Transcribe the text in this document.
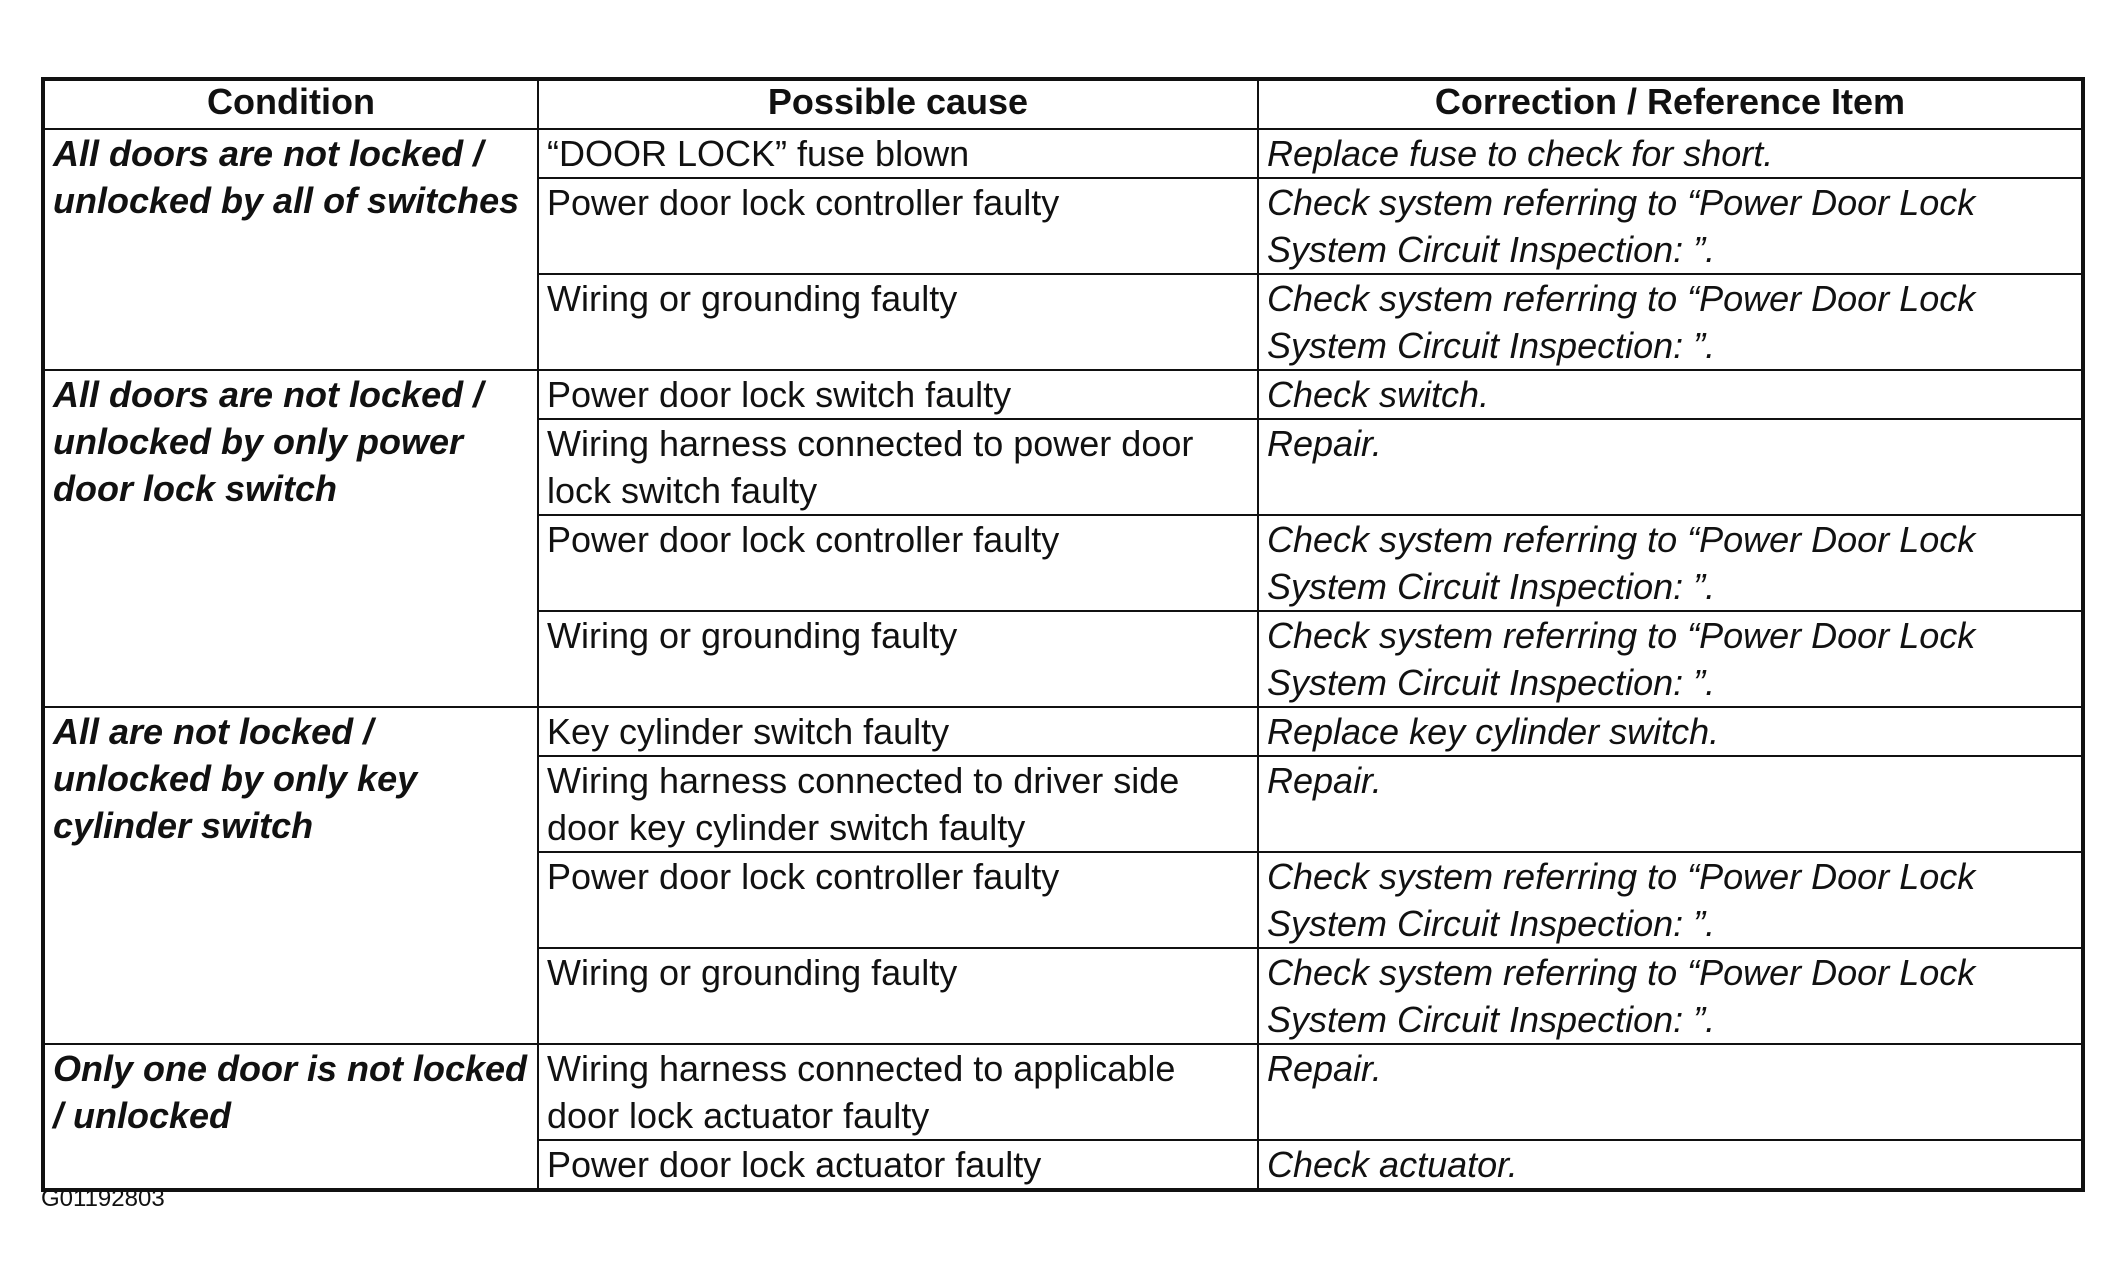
Condition	Possible cause	Correction / Reference Item
All doors are not locked / unlocked by all of switches	“DOOR LOCK” fuse blown	Replace fuse to check for short.
	Power door lock controller faulty	Check system referring to “Power Door Lock System Circuit Inspection: ”.
	Wiring or grounding faulty	Check system referring to “Power Door Lock System Circuit Inspection: ”.
All doors are not locked / unlocked by only power door lock switch	Power door lock switch faulty	Check switch.
	Wiring harness connected to power door lock switch faulty	Repair.
	Power door lock controller faulty	Check system referring to “Power Door Lock System Circuit Inspection: ”.
	Wiring or grounding faulty	Check system referring to “Power Door Lock System Circuit Inspection: ”.
All are not locked / unlocked by only key cylinder switch	Key cylinder switch faulty	Replace key cylinder switch.
	Wiring harness connected to driver side door key cylinder switch faulty	Repair.
	Power door lock controller faulty	Check system referring to “Power Door Lock System Circuit Inspection: ”.
	Wiring or grounding faulty	Check system referring to “Power Door Lock System Circuit Inspection: ”.
Only one door is not locked / unlocked	Wiring harness connected to applicable door lock actuator faulty	Repair.
	Power door lock actuator faulty	Check actuator.
G01192803
